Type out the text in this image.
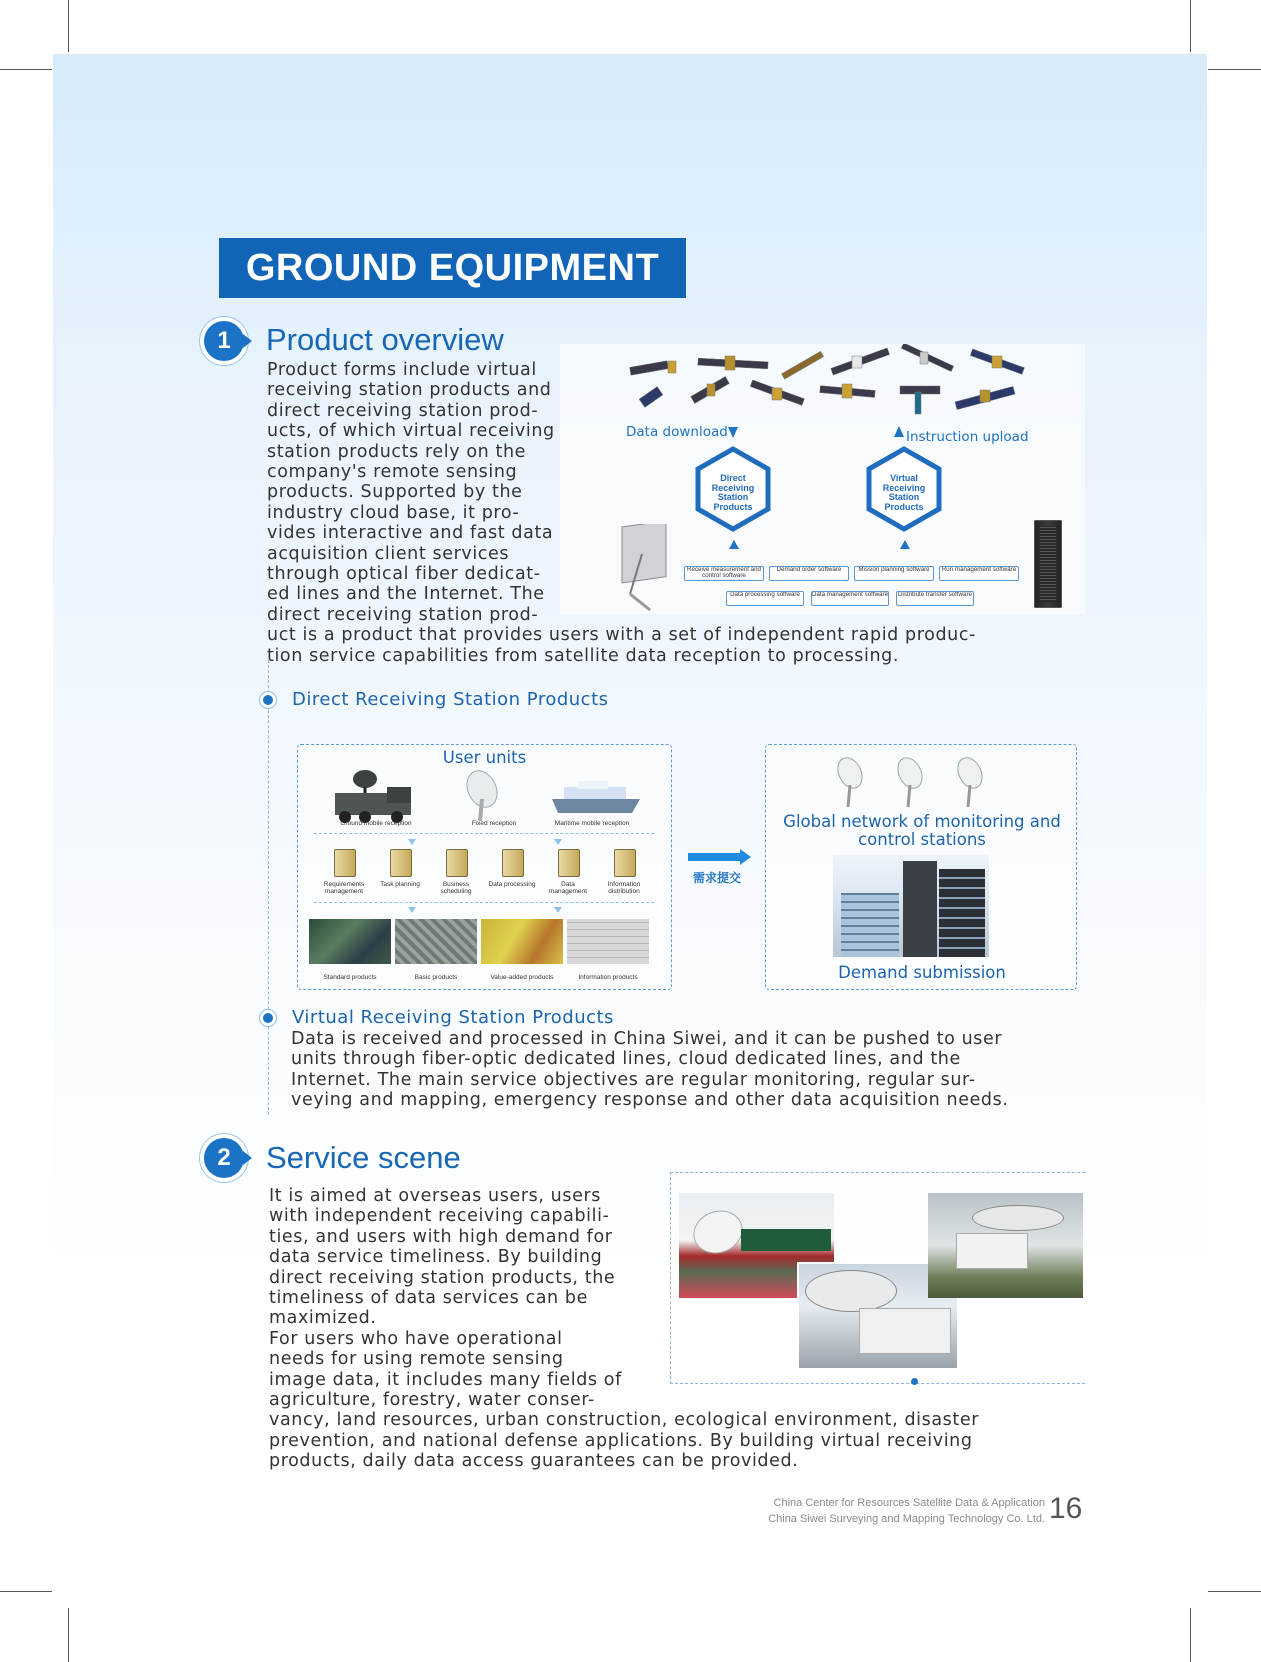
GROUND EQUIPMENT
1	Product overview
Product forms include virtual
receiving station products and
direct receiving station prod-
ucts, of which virtual receiving
station products rely on the
company's remote sensing
products. Supported by the
industry cloud base, it pro-
vides interactive and fast data
acquisition client services
through optical fiber dedicat-
ed lines and the Internet. The
direct receiving station prod-
uct is a product that provides users with a set of independent rapid produc-
tion service capabilities from satellite data reception to processing.
Data download	Instruction upload
Direct Receiving Station Products
Virtual Receiving Station Products
Receive measurement and control software
Demand order software	Mission planning software	Run management software
Data processing software	Data management software	Distribute transfer software
Direct Receiving Station Products
User units
Ground mobile reception	Fixed reception	Maritime mobile reception
Requirements management
Task planning	Business scheduling
Data processing	Data management
Information distribution
Standard products	Basic products	Value-added products	Information products
需求提交
Global network of monitoring and control stations
Demand submission
Virtual Receiving Station Products
Data is received and processed in China Siwei, and it can be pushed to user
units through fiber-optic dedicated lines, cloud dedicated lines, and the
Internet. The main service objectives are regular monitoring, regular sur-
veying and mapping, emergency response and other data acquisition needs.
2	Service scene
It is aimed at overseas users, users
with independent receiving capabili-
ties, and users with high demand for
data service timeliness. By building
direct receiving station products, the
timeliness of data services can be
maximized.
For users who have operational
needs for using remote sensing
image data, it includes many fields of
agriculture, forestry, water conser-
vancy, land resources, urban construction, ecological environment, disaster
prevention, and national defense applications. By building virtual receiving
products, daily data access guarantees can be provided.
China Center for Resources Satellite Data & Application
China Siwei Surveying and Mapping Technology Co. Ltd. 16
